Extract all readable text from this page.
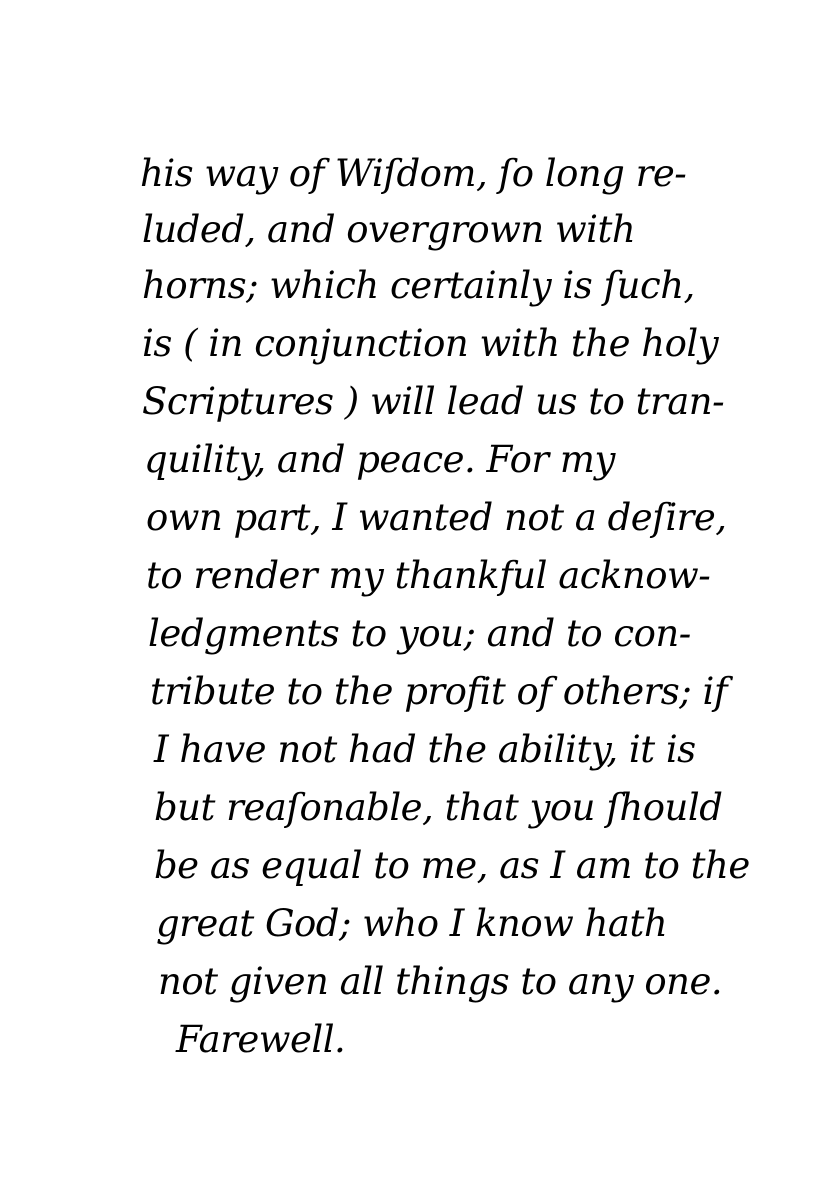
his way of Wiſdom, ſo long re-
luded, and overgrown with
horns; which certainly is ſuch,
is ( in conjunction with the holy
Scriptures ) will lead us to tran-
quility, and peace. For my
own part, I wanted not a deſire,
to render my thankful acknow-
ledgments to you; and to con-
tribute to the profit of others; if
I have not had the ability, it is
but reaſonable, that you ſhould
be as equal to me, as I am to the
great God; who I know hath
not given all things to any one.
Farewell.
